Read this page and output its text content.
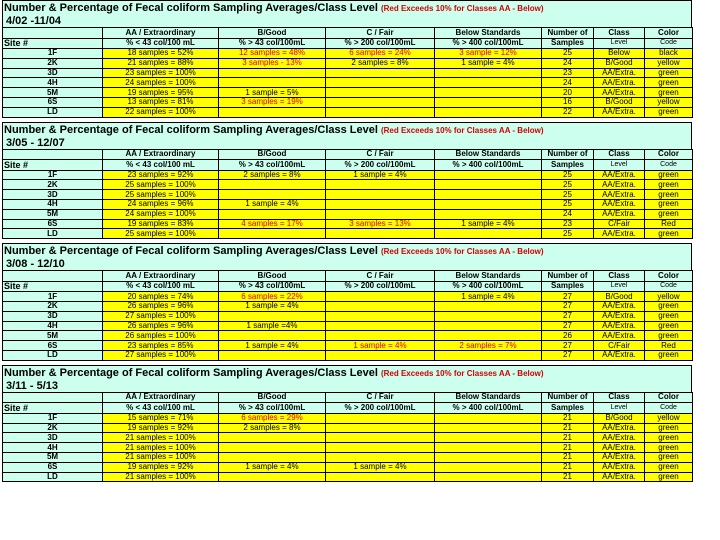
Number & Percentage of Fecal coliform Sampling Averages/Class Level (Red Exceeds 10% for Classes AA - Below)
4/02 -11/04
	AA / Extraordinary	B/Good	C / Fair	Below Standards	Number of	Class	Color
Site #	% < 43 col/100 mL	% > 43 col/100mL	% > 200 col/100mL	% > 400 col/100mL	Samples	Level	Code
1F	18 samples = 52%	12 samples = 48%	6 samples = 24%	3 sample = 12%	25	Below	black
2K	21 samples = 88%	3 samples - 13%	2 samples = 8%	1 sample = 4%	24	B/Good	yellow
3D	23 samples = 100%				23	AA/Extra.	green
4H	24 samples = 100%				24	AA/Extra.	green
5M	19 samples = 95%	1 sample = 5%			20	AA/Extra.	green
6S	13 samples = 81%	3 samples = 19%			16	B/Good	yellow
LD	22 samples = 100%				22	AA/Extra.	green
Number & Percentage of Fecal coliform Sampling Averages/Class Level (Red Exceeds 10% for Classes AA - Below)
3/05 - 12/07
	AA / Extraordinary	B/Good	C / Fair	Below Standards	Number of	Class	Color
Site #	% < 43 col/100 mL	% > 43 col/100mL	% > 200 col/100mL	% > 400 col/100mL	Samples	Level	Code
1F	23 samples = 92%	2 samples = 8%	1 sample = 4%		25	AA/Extra.	green
2K	25 samples = 100%				25	AA/Extra.	green
3D	25 samples = 100%				25	AA/Extra.	green
4H	24 samples = 96%	1 sample = 4%			25	AA/Extra.	green
5M	24 samples = 100%				24	AA/Extra.	green
6S	19 samples = 83%	4 samples = 17%	3 samples = 13%	1 sample = 4%	23	C/Fair	Red
LD	25 samples = 100%				25	AA/Extra.	green
Number & Percentage of Fecal coliform Sampling Averages/Class Level (Red Exceeds 10% for Classes AA - Below)
3/08 - 12/10
	AA / Extraordinary	B/Good	C / Fair	Below Standards	Number of	Class	Color
Site #	% < 43 col/100 mL	% > 43 col/100mL	% > 200 col/100mL	% > 400 col/100mL	Samples	Level	Code
1F	20 samples = 74%	6 samples = 22%		1 sample = 4%	27	B/Good	yellow
2K	26 samples = 96%	1 sample = 4%			27	AA/Extra.	green
3D	27 samples = 100%				27	AA/Extra.	green
4H	26 samples = 96%	1 sample =4%			27	AA/Extra.	green
5M	26 samples = 100%				26	AA/Extra.	green
6S	23 samples = 85%	1 sample = 4%	1 sample = 4%	2 samples = 7%	27	C/Fair	Red
LD	27 samples = 100%				27	AA/Extra.	green
Number & Percentage of Fecal coliform Sampling Averages/Class Level (Red Exceeds 10% for Classes AA - Below)
3/11 - 5/13
	AA / Extraordinary	B/Good	C / Fair	Below Standards	Number of	Class	Color
Site #	% < 43 col/100 mL	% > 43 col/100mL	% > 200 col/100mL	% > 400 col/100mL	Samples	Level	Code
1F	15 samples = 71%	6 samples = 29%			21	B/Good	yellow
2K	19 samples = 92%	2 samples = 8%			21	AA/Extra.	green
3D	21 samples = 100%				21	AA/Extra.	green
4H	21 samples = 100%				21	AA/Extra.	green
5M	21 samples = 100%				21	AA/Extra.	green
6S	19 samples = 92%	1 sample = 4%	1 sample = 4%		21	AA/Extra.	green
LD	21 samples = 100%				21	AA/Extra.	green
